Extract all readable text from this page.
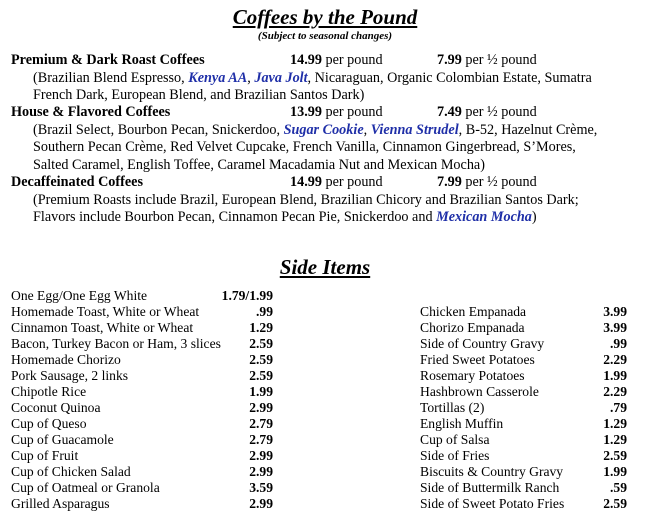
Coffees by the Pound
(Subject to seasonal changes)
Premium & Dark Roast Coffees	14.99 per pound	7.99 per ½ pound
(Brazilian Blend Espresso, Kenya AA, Java Jolt, Nicaraguan, Organic Colombian Estate, Sumatra
French Dark, European Blend, and Brazilian Santos Dark)
House & Flavored Coffees	13.99 per pound	7.49 per ½ pound
(Brazil Select, Bourbon Pecan, Snickerdoo, Sugar Cookie, Vienna Strudel, B-52, Hazelnut Crème,
Southern Pecan Crème, Red Velvet Cupcake, French Vanilla, Cinnamon Gingerbread, S’Mores,
Salted Caramel, English Toffee, Caramel Macadamia Nut and Mexican Mocha)
Decaffeinated Coffees	14.99 per pound	7.99 per ½ pound
(Premium Roasts include Brazil, European Blend, Brazilian Chicory and Brazilian Santos Dark;
Flavors include Bourbon Pecan, Cinnamon Pecan Pie, Snickerdoo and Mexican Mocha)
Side Items
One Egg/One Egg White	1.79/1.99
Homemade Toast, White or Wheat	.99
Cinnamon Toast, White or Wheat	1.29
Bacon, Turkey Bacon or Ham, 3 slices 2.59
Homemade Chorizo	2.59
Pork Sausage, 2 links	2.59
Chipotle Rice	1.99
Coconut Quinoa	2.99
Cup of Queso	2.79
Cup of Guacamole	2.79
Cup of Fruit	2.99
Cup of Chicken Salad	2.99
Cup of Oatmeal or Granola	3.59
Grilled Asparagus	2.99
Chicken Empanada	3.99
Chorizo Empanada	3.99
Side of Country Gravy	.99
Fried Sweet Potatoes	2.29
Rosemary Potatoes	1.99
Hashbrown Casserole	2.29
Tortillas (2)	.79
English Muffin	1.29
Cup of Salsa	1.29
Side of Fries	2.59
Biscuits & Country Gravy	1.99
Side of Buttermilk Ranch	.59
Side of Sweet Potato Fries	2.59
